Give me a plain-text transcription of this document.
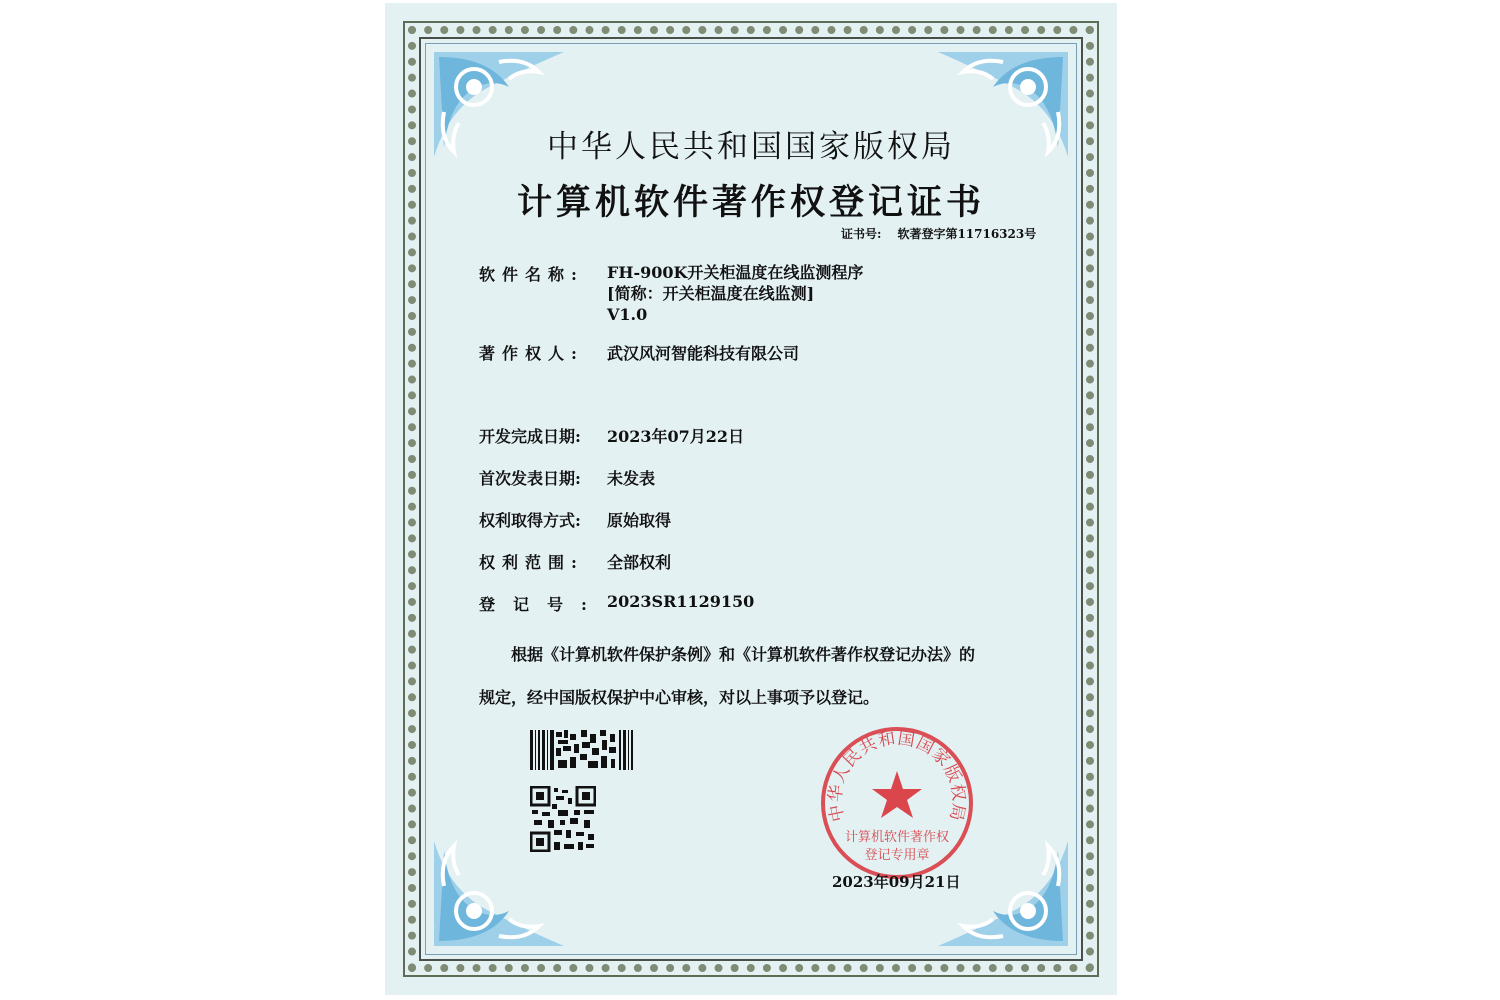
中华人民共和国国家版权局
计算机软件著作权登记证书
证书号: 软著登字第11716323号
软件名称: FH-900K开关柜温度在线监测程序
[简称：开关柜温度在线监测]
V1.0
著作权人: 武汉风河智能科技有限公司
开发完成日期: 2023年07月22日
首次发表日期: 未发表
权利取得方式: 原始取得
权利范围: 全部权利
登记号: 2023SR1129150
根据《计算机软件保护条例》和《计算机软件著作权登记办法》的
规定，经中国版权保护中心审核，对以上事项予以登记。
中华人民共和国国家版权局
计算机软件著作权
登记专用章
2023年09月21日
